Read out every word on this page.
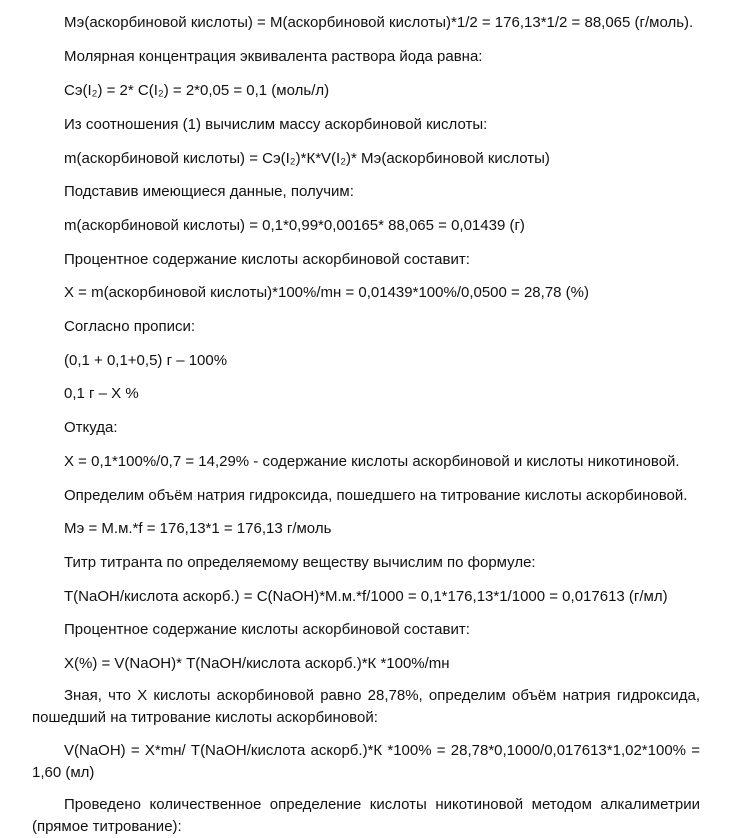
Мэ(аскорбиновой кислоты) = М(аскорбиновой кислоты)*1/2 = 176,13*1/2 = 88,065 (г/моль).

Молярная концентрация эквивалента раствора йода равна:

Сэ(I₂) = 2* С(I₂) = 2*0,05 = 0,1 (моль/л)

Из соотношения (1) вычислим массу аскорбиновой кислоты:

m(аскорбиновой кислоты) = Сэ(I₂)*К*V(I₂)* Мэ(аскорбиновой кислоты)

Подставив имеющиеся данные, получим:

m(аскорбиновой кислоты) = 0,1*0,99*0,00165* 88,065 = 0,01439 (г)

Процентное содержание кислоты аскорбиновой составит:

Х = m(аскорбиновой кислоты)*100%/mн = 0,01439*100%/0,0500 = 28,78 (%)

Согласно прописи:

(0,1 + 0,1+0,5) г – 100%

0,1 г – Х %

Откуда:

Х = 0,1*100%/0,7 = 14,29% - содержание кислоты аскорбиновой и кислоты никотиновой.

Определим объём натрия гидроксида, пошедшего на титрование кислоты аскорбиновой.

Мэ = М.м.*f = 176,13*1 = 176,13 г/моль

Титр титранта по определяемому веществу вычислим по формуле:

Т(NaOH/кислота аскорб.) = С(NaOH)*М.м.*f/1000 = 0,1*176,13*1/1000 = 0,017613 (г/мл)

Процентное содержание кислоты аскорбиновой составит:

Х(%) = V(NaOH)* Т(NaOH/кислота аскорб.)*К *100%/mн

Зная, что Х кислоты аскорбиновой равно 28,78%, определим объём натрия гидроксида, пошедший на титрование кислоты аскорбиновой:

V(NaOH) = Х*mн/ Т(NaOH/кислота аскорб.)*К *100% = 28,78*0,1000/0,017613*1,02*100% = 1,60 (мл)

Проведено количественное определение кислоты никотиновой методом алкалиметрии (прямое титрование):
